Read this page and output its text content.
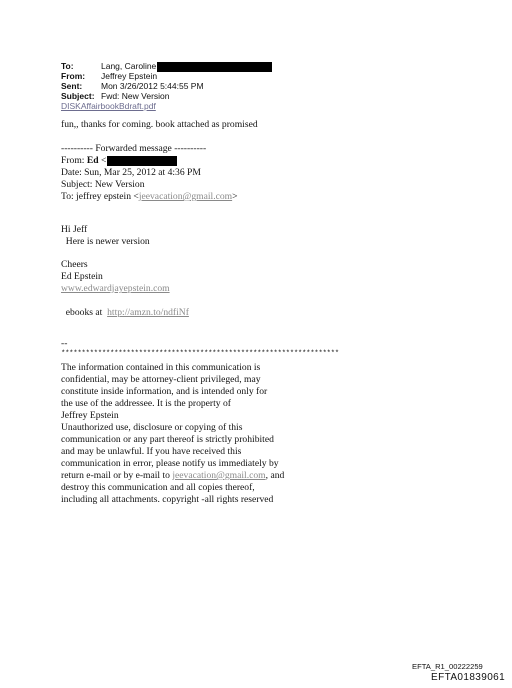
To:	Lang, Caroline
From: Jeffrey Epstein
Sent: Mon 3/26/2012 5:44:55 PM
Subject: Fwd: New Version
DISKAffairbookBdraft.pdf
fun,, thanks for coming. book attached as promised
---------- Forwarded message ----------
From: Ed <
Date: Sun, Mar 25, 2012 at 4:36 PM
Subject: New Version
To: jeffrey epstein <jeevacation@gmail.com>
Hi Jeff
Here is newer version
Cheers
Ed Epstein
www.edwardjayepstein.com

ebooks at  http://amzn.to/ndfiNf

--
********************************************************************
The information contained in this communication is
confidential, may be attorney-client privileged, may
constitute inside information, and is intended only for
the use of the addressee. It is the property of
Jeffrey Epstein
Unauthorized use, disclosure or copying of this
communication or any part thereof is strictly prohibited
and may be unlawful. If you have received this
communication in error, please notify us immediately by
return e-mail or by e-mail to jeevacation@gmail.com, and
destroy this communication and all copies thereof,
including all attachments. copyright -all rights reserved
EFTA_R1_00222259
EFTA01839061
